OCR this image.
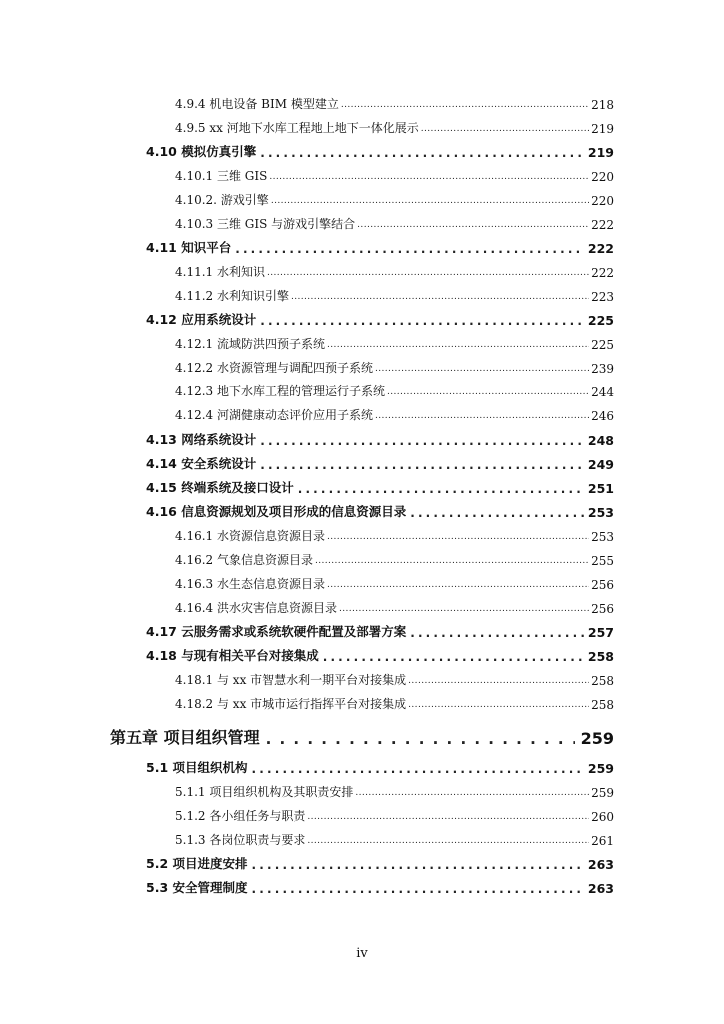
4.9.4 机电设备 BIM 模型建立 .....	218
4.9.5 xx 河地下水库工程地上地下一体化展示 .....	219
4.10 模拟仿真引擎 . . .	219
4.10.1 三维 GIS .....	220
4.10.2. 游戏引擎 .....	220
4.10.3 三维 GIS 与游戏引擎结合 .....	222
4.11 知识平台 . . .	222
4.11.1 水利知识 .....	222
4.11.2 水利知识引擎 .....	223
4.12 应用系统设计 . . .	225
4.12.1 流域防洪四预子系统 .....	225
4.12.2 水资源管理与调配四预子系统 .....	239
4.12.3 地下水库工程的管理运行子系统 .....	244
4.12.4 河湖健康动态评价应用子系统 .....	246
4.13 网络系统设计 . . .	248
4.14 安全系统设计 . . .	249
4.15 终端系统及接口设计 . . .	251
4.16 信息资源规划及项目形成的信息资源目录 . . .	253
4.16.1 水资源信息资源目录 .....	253
4.16.2 气象信息资源目录 .....	255
4.16.3 水生态信息资源目录 .....	256
4.16.4 洪水灾害信息资源目录 .....	256
4.17 云服务需求或系统软硬件配置及部署方案 . . .	257
4.18 与现有相关平台对接集成 . . .	258
4.18.1 与 xx 市智慧水利一期平台对接集成 .....	258
4.18.2 与 xx 市城市运行指挥平台对接集成 .....	258
第五章 项目组织管理 . . .	259
5.1 项目组织机构 . . .	259
5.1.1 项目组织机构及其职责安排 .....	259
5.1.2 各小组任务与职责 .....	260
5.1.3 各岗位职责与要求 .....	261
5.2 项目进度安排 . . .	263
5.3 安全管理制度 . . .	263
iv
